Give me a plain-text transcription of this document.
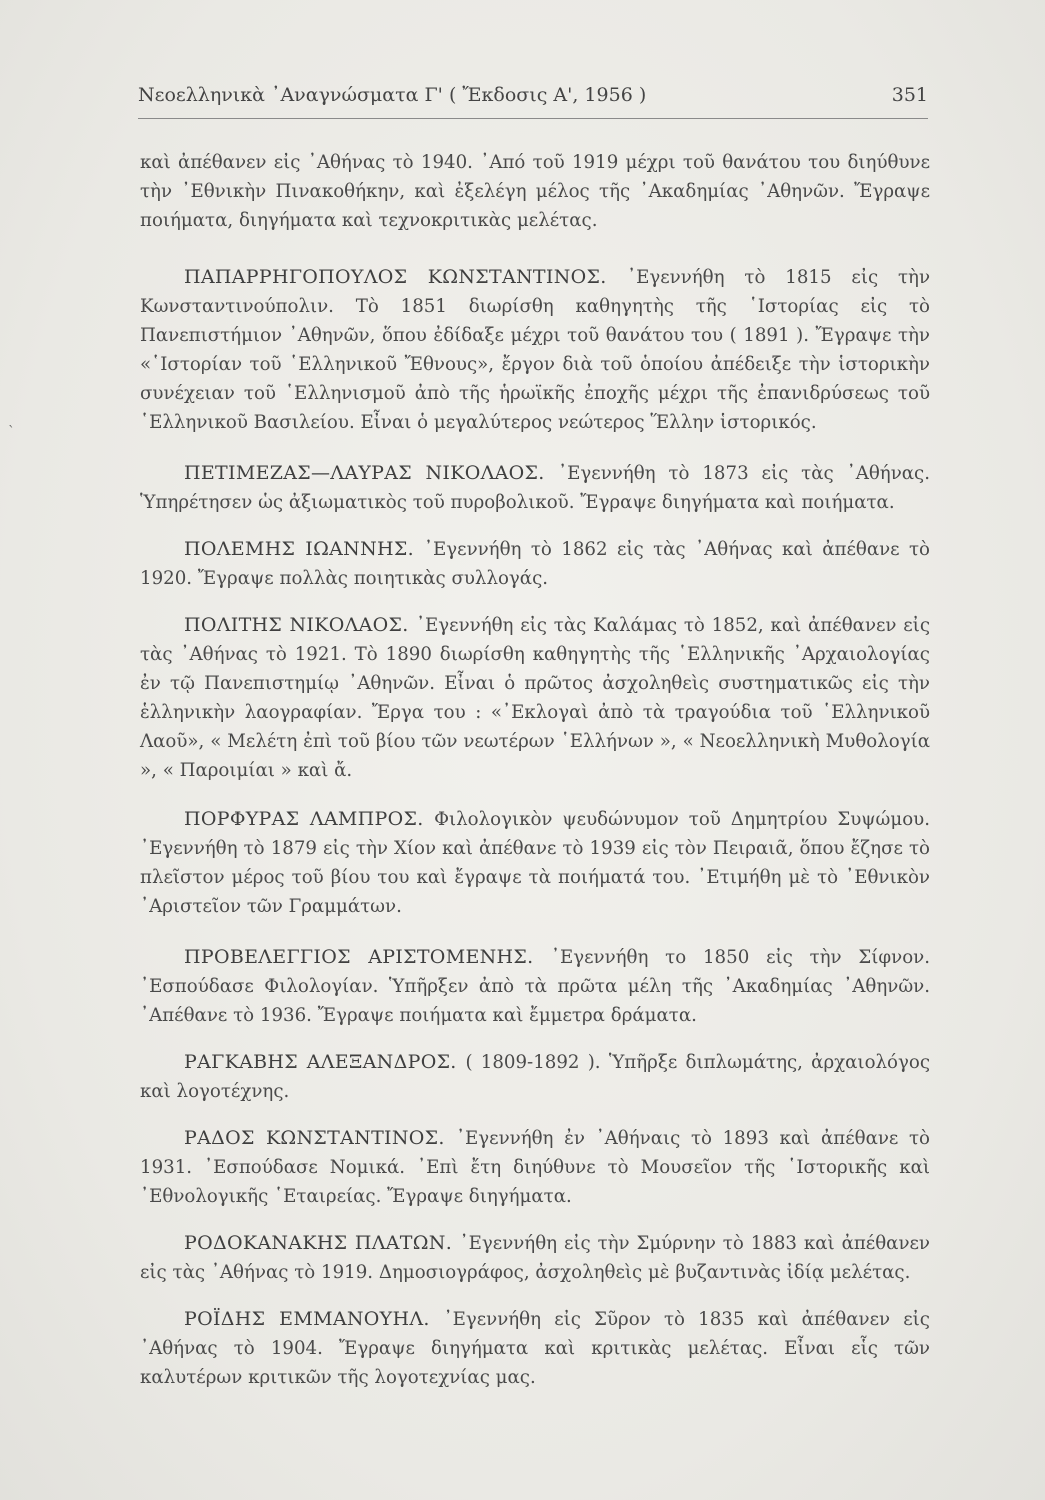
Νεοελληνικὰ ᾿Αναγνώσματα Γ' ( Ἔκδοσις Α', 1956 )	351
`

καὶ ἀπέθανεν εἰς ᾿Αθήνας τὸ 1940. ᾿Από τοῦ 1919 μέχρι τοῦ θανάτου του διηύθυνε τὴν ᾿Εθνικὴν Πινακοθήκην, καὶ ἐξελέγη μέλος τῆς ᾿Ακαδημίας ᾿Αθηνῶν. Ἔγραψε ποιήματα, διηγήματα καὶ τεχνοκριτικὰς μελέτας.

ΠΑΠΑΡΡΗΓΟΠΟΥΛΟΣ ΚΩΝΣΤΑΝΤΙΝΟΣ. ᾿Εγεννήθη τὸ 1815 εἰς τὴν Κωνσταντινούπολιν. Τὸ 1851 διωρίσθη καθηγητὴς τῆς ῾Ιστορίας εἰς τὸ Πανεπιστήμιον ᾿Αθηνῶν, ὅπου ἐδίδαξε μέχρι τοῦ θανάτου του ( 1891 ). Ἔγραψε τὴν «῾Ιστορίαν τοῦ ῾Ελληνικοῦ Ἔθνους», ἔργον διὰ τοῦ ὁποίου ἀπέδειξε τὴν ἱστορικὴν συνέχειαν τοῦ ῾Ελληνισμοῦ ἀπὸ τῆς ἡρωϊκῆς ἐποχῆς μέχρι τῆς ἐπανιδρύσεως τοῦ ῾Ελληνικοῦ Βασιλείου. Εἶναι ὁ μεγαλύτερος νεώτερος Ἕλλην ἱστορικός.

ΠΕΤΙΜΕΖΑΣ—ΛΑΥΡΑΣ ΝΙΚΟΛΑΟΣ. ᾿Εγεννήθη τὸ 1873 εἰς τὰς ᾿Αθήνας. Ὑπηρέτησεν ὡς ἀξιωματικὸς τοῦ πυροβολικοῦ. Ἔγραψε διηγήματα καὶ ποιήματα.

ΠΟΛΕΜΗΣ ΙΩΑΝΝΗΣ. ᾿Εγεννήθη τὸ 1862 εἰς τὰς ᾿Αθήνας καὶ ἀπέθανε τὸ 1920. Ἔγραψε πολλὰς ποιητικὰς συλλογάς.

ΠΟΛΙΤΗΣ ΝΙΚΟΛΑΟΣ. ᾿Εγεννήθη εἰς τὰς Καλάμας τὸ 1852, καὶ ἀπέθανεν εἰς τὰς ᾿Αθήνας τὸ 1921. Τὸ 1890 διωρίσθη καθηγητὴς τῆς ῾Ελληνικῆς ᾿Αρχαιολογίας ἐν τῷ Πανεπιστημίῳ ᾿Αθηνῶν. Εἶναι ὁ πρῶτος ἀσχοληθεὶς συστηματικῶς εἰς τὴν ἑλληνικὴν λαογραφίαν. Ἔργα του : «᾿Εκλογαὶ ἀπὸ τὰ τραγούδια τοῦ ῾Ελληνικοῦ Λαοῦ», « Μελέτη ἐπὶ τοῦ βίου τῶν νεωτέρων ῾Ελλήνων », « Νεοελληνικὴ Μυθολογία », « Παροιμίαι » καὶ ἄ.

ΠΟΡΦΥΡΑΣ ΛΑΜΠΡΟΣ. Φιλολογικὸν ψευδώνυμον τοῦ Δημητρίου Συψώμου. ᾿Εγεννήθη τὸ 1879 εἰς τὴν Χίον καὶ ἀπέθανε τὸ 1939 εἰς τὸν Πειραιᾶ, ὅπου ἔζησε τὸ πλεῖστον μέρος τοῦ βίου του καὶ ἔγραψε τὰ ποιήματά του. ᾿Ετιμήθη μὲ τὸ ᾿Εθνικὸν ᾿Αριστεῖον τῶν Γραμμάτων.

ΠΡΟΒΕΛΕΓΓΙΟΣ ΑΡΙΣΤΟΜΕΝΗΣ. ᾿Εγεννήθη το 1850 εἰς τὴν Σίφνον. ᾿Εσπούδασε Φιλολογίαν. Ὑπῆρξεν ἀπὸ τὰ πρῶτα μέλη τῆς ᾿Ακαδημίας ᾿Αθηνῶν. ᾿Απέθανε τὸ 1936. Ἔγραψε ποιήματα καὶ ἔμμετρα δράματα.

ΡΑΓΚΑΒΗΣ ΑΛΕΞΑΝΔΡΟΣ. ( 1809-1892 ). Ὑπῆρξε διπλωμάτης, ἀρχαιολόγος καὶ λογοτέχνης.

ΡΑΔΟΣ ΚΩΝΣΤΑΝΤΙΝΟΣ. ᾿Εγεννήθη ἐν ᾿Αθήναις τὸ 1893 καὶ ἀπέθανε τὸ 1931. ᾿Εσπούδασε Νομικά. ᾿Επὶ ἔτη διηύθυνε τὸ Μουσεῖον τῆς ῾Ιστορικῆς καὶ ᾿Εθνολογικῆς ῾Εταιρείας. Ἔγραψε διηγήματα.

ΡΟΔΟΚΑΝΑΚΗΣ ΠΛΑΤΩΝ. ᾿Εγεννήθη εἰς τὴν Σμύρνην τὸ 1883 καὶ ἀπέθανεν εἰς τὰς ᾿Αθήνας τὸ 1919. Δημοσιογράφος, ἀσχοληθεὶς μὲ βυζαντινὰς ἰδίᾳ μελέτας.

ΡΟΪΔΗΣ ΕΜΜΑΝΟΥΗΛ. ᾿Εγεννήθη εἰς Σῦρον τὸ 1835 καὶ ἀπέθανεν εἰς ᾿Αθήνας τὸ 1904. Ἔγραψε διηγήματα καὶ κριτικὰς μελέτας. Εἶναι εἷς τῶν καλυτέρων κριτικῶν τῆς λογοτεχνίας μας.
